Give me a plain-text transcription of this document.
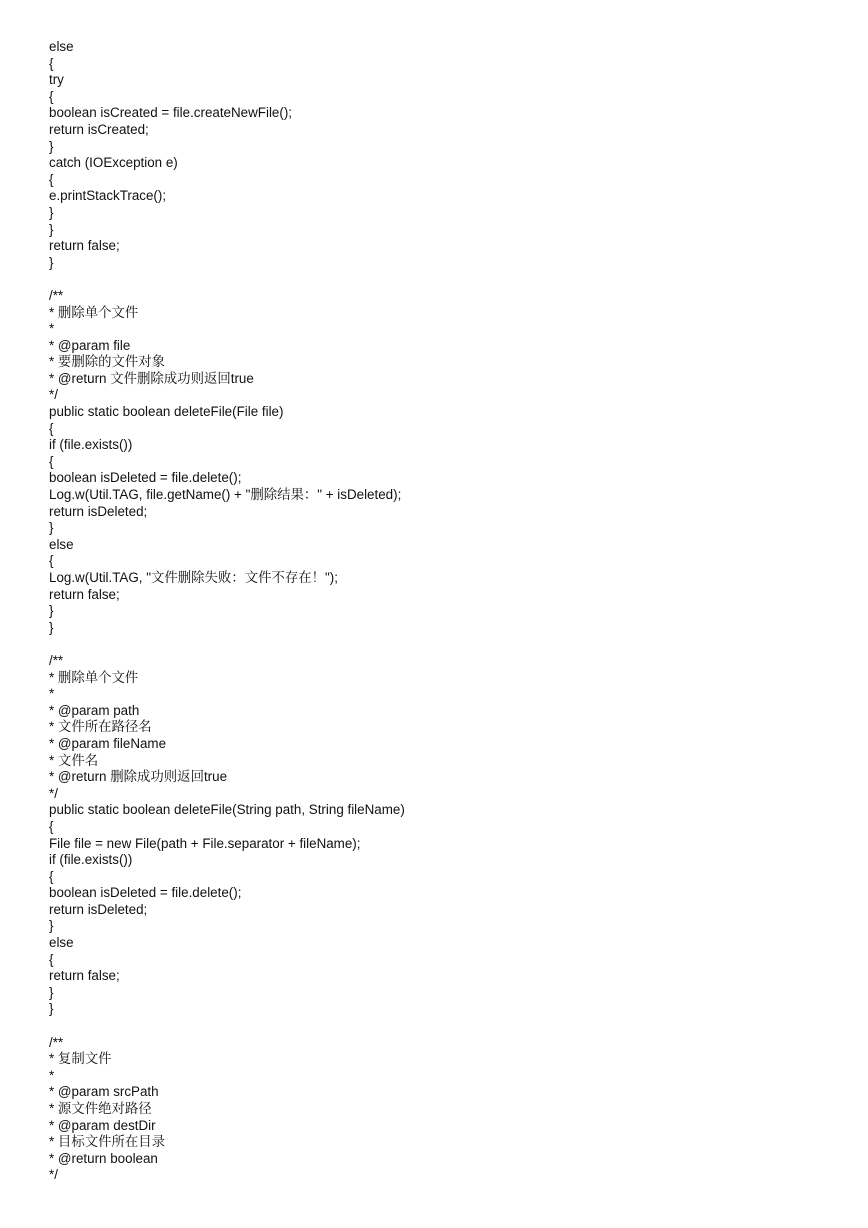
else
{
try
{
boolean isCreated = file.createNewFile();
return isCreated;
}
catch (IOException e)
{
e.printStackTrace();
}
}
return false;
}
/**
* 删除单个文件
*
* @param file
* 要删除的文件对象
* @return 文件删除成功则返回true
*/
public static boolean deleteFile(File file)
{
if (file.exists())
{
boolean isDeleted = file.delete();
Log.w(Util.TAG, file.getName() + "删除结果：" + isDeleted);
return isDeleted;
}
else
{
Log.w(Util.TAG, "文件删除失败：文件不存在！");
return false;
}
}
/**
* 删除单个文件
*
* @param path
* 文件所在路径名
* @param fileName
* 文件名
* @return 删除成功则返回true
*/
public static boolean deleteFile(String path, String fileName)
{
File file = new File(path + File.separator + fileName);
if (file.exists())
{
boolean isDeleted = file.delete();
return isDeleted;
}
else
{
return false;
}
}
/**
* 复制文件
*
* @param srcPath
* 源文件绝对路径
* @param destDir
* 目标文件所在目录
* @return boolean
*/
